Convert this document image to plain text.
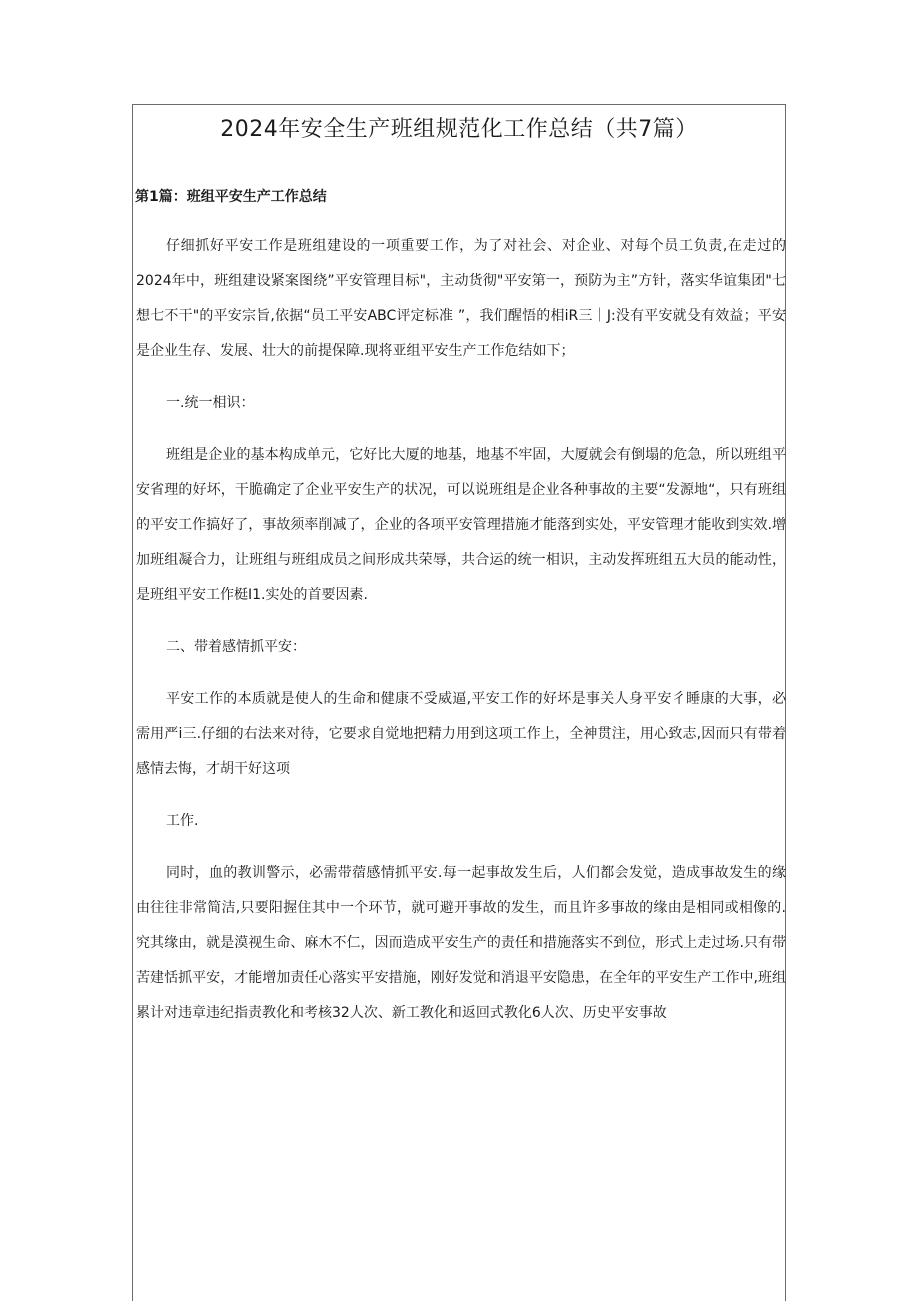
2024年安全生产班组规范化工作总结（共7篇）
第1篇：班组平安生产工作总结

仔细抓好平安工作是班组建设的一项重要工作，为了对社会、对企业、对每个员工负责,在走过的2024年中，班组建设紧案图绕”平安管理目标"，主动货彻"平安第一，预防为主”方针，落实华谊集团"七想七不干"的平安宗旨,依据“员工平安ABC评定标准 ”，我们醒悟的相iR三｜J:没有平安就殳有效益；平安是企业生存、发展、壮大的前提保障.现将亚组平安生产工作危结如下；

一.统一相识：

班组是企业的基本构成单元，它好比大厦的地基，地基不牢固，大厦就会有倒塌的危急，所以班组平安省理的好坏，干脆确定了企业平安生产的状况，可以说班组是企业各种事故的主要“发源地“，只有班组的平安工作搞好了，事故须率削减了，企业的各项平安管理措施才能落到实处，平安管理才能收到实效.增加班组凝合力，让班组与班组成员之间形成共荣辱，共合运的统一相识，主动发挥班组五大员的能动性，是班组平安工作梃I1.实处的首要因素.

二、带着感情抓平安：

平安工作的本质就是使人的生命和健康不受威逼,平安工作的好坏是事关人身平安彳睡康的大事，必需用严i三.仔细的右法来对待，它要求自觉地把精力用到这项工作上，全神贯注，用心致志,因而只有带着感情去悔，才胡干好这项

工作.

同时，血的教训警示，必需带蓿感情抓平安.每一起事故发生后，人们都会发觉，造成事故发生的缘由往往非常简洁,只要阳握住其中一个环节，就可避开事故的发生，而且许多事故的缘由是相同或相像的.究其缘由，就是漠视生命、麻木不仁，因而造成平安生产的责任和措施落实不到位，形式上走过场.只有带苦建恬抓平安，才能增加责任心落实平安措施，刚好发觉和消退平安隐患，在全年的平安生产工作中,班组累计对违章违纪指责教化和考核32人次、新工教化和返回式教化6人次、历史平安事故
